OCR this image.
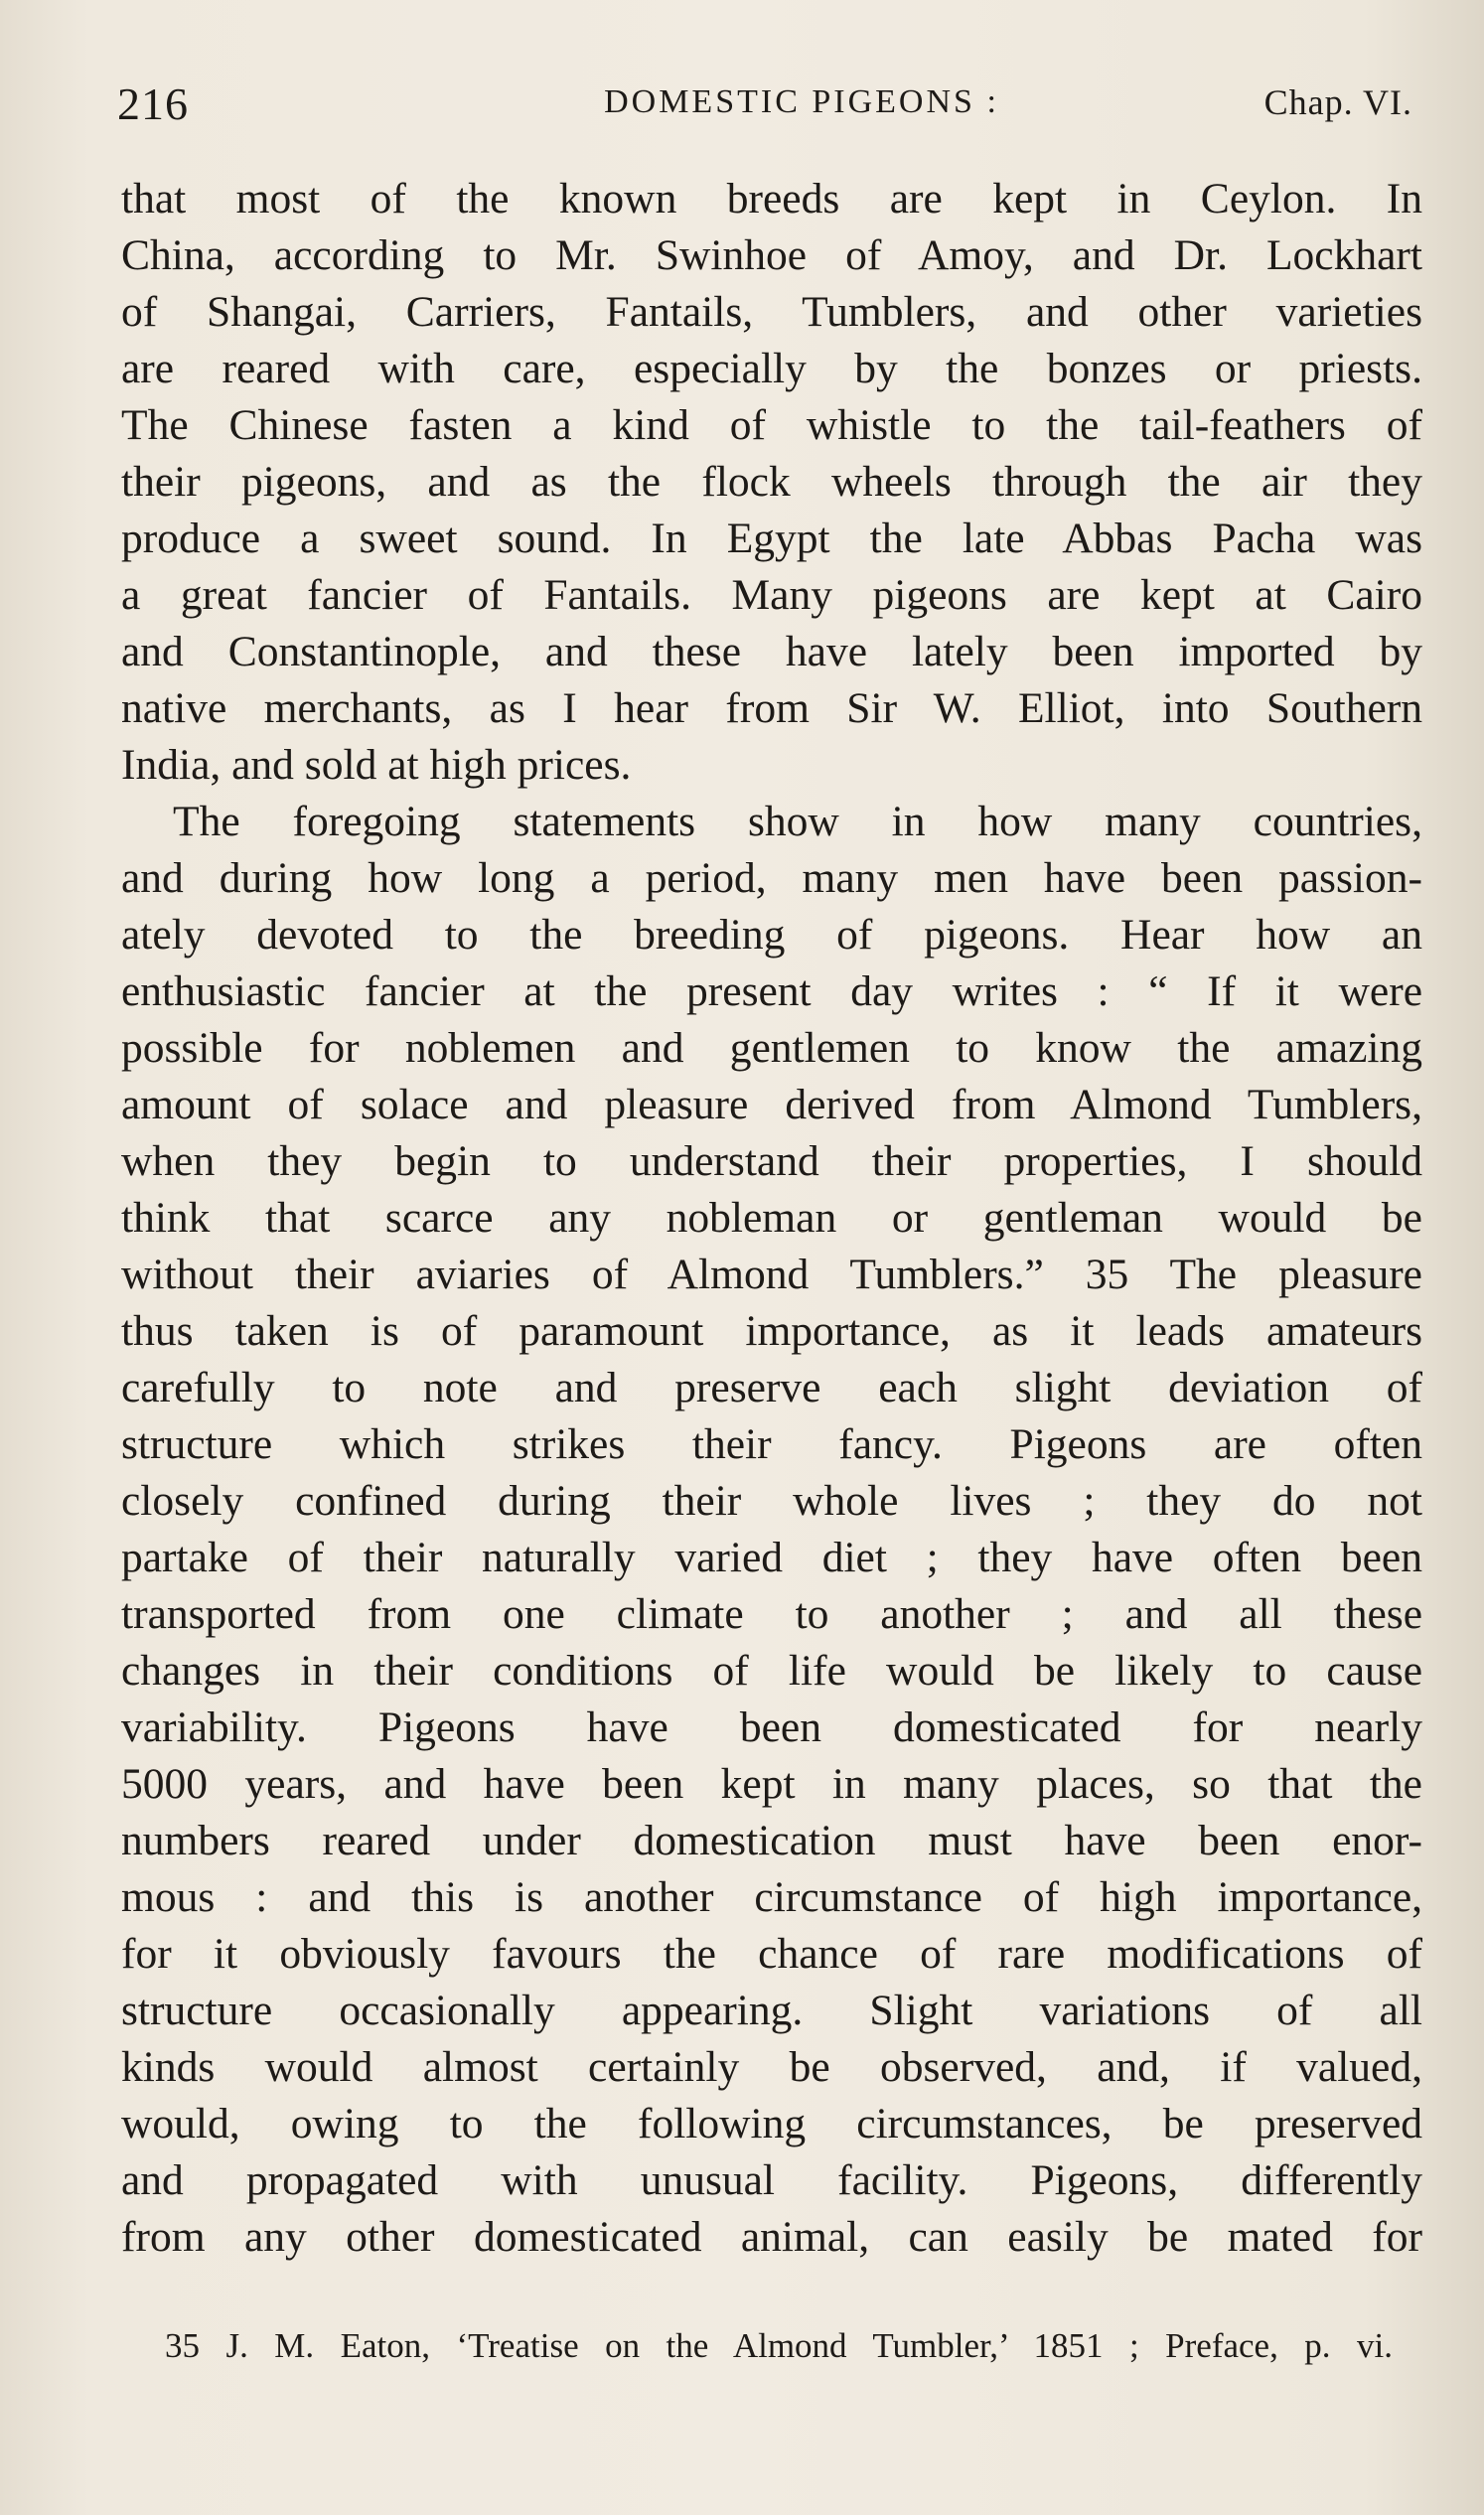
216	DOMESTIC PIGEONS :	Chap. VI.
that most of the known breeds are kept in Ceylon. In
China, according to Mr. Swinhoe of Amoy, and Dr. Lockhart
of Shangai, Carriers, Fantails, Tumblers, and other varieties
are reared with care, especially by the bonzes or priests.
The Chinese fasten a kind of whistle to the tail-feathers of
their pigeons, and as the flock wheels through the air they
produce a sweet sound. In Egypt the late Abbas Pacha was
a great fancier of Fantails. Many pigeons are kept at Cairo
and Constantinople, and these have lately been imported by
native merchants, as I hear from Sir W. Elliot, into Southern
India, and sold at high prices.
The foregoing statements show in how many countries,
and during how long a period, many men have been passion-
ately devoted to the breeding of pigeons. Hear how an
enthusiastic fancier at the present day writes : “ If it were
possible for noblemen and gentlemen to know the amazing
amount of solace and pleasure derived from Almond Tumblers,
when they begin to understand their properties, I should
think that scarce any nobleman or gentleman would be
without their aviaries of Almond Tumblers.” 35 The pleasure
thus taken is of paramount importance, as it leads amateurs
carefully to note and preserve each slight deviation of
structure which strikes their fancy. Pigeons are often
closely confined during their whole lives ; they do not
partake of their naturally varied diet ; they have often been
transported from one climate to another ; and all these
changes in their conditions of life would be likely to cause
variability. Pigeons have been domesticated for nearly
5000 years, and have been kept in many places, so that the
numbers reared under domestication must have been enor-
mous : and this is another circumstance of high importance,
for it obviously favours the chance of rare modifications of
structure occasionally appearing. Slight variations of all
kinds would almost certainly be observed, and, if valued,
would, owing to the following circumstances, be preserved
and propagated with unusual facility. Pigeons, differently
from any other domesticated animal, can easily be mated for
35 J. M. Eaton, ‘Treatise on the Almond Tumbler,’ 1851 ; Preface, p. vi.
